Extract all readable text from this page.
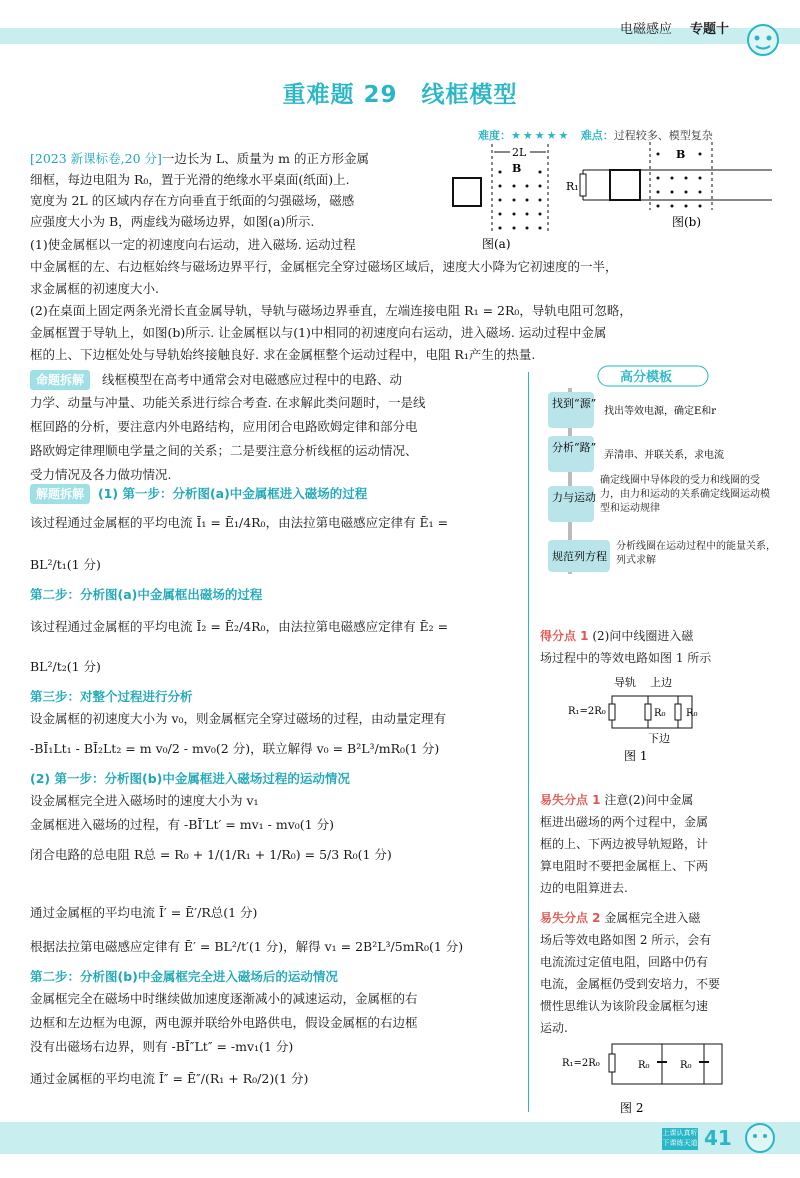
电磁感应 专题十
重难题 29　线框模型
难度：★★★★★ 难点：过程较多、模型复杂
[2023 新课标卷,20 分]一边长为 L、质量为 m 的正方形金属
细框，每边电阻为 R₀，置于光滑的绝缘水平桌面(纸面)上.
宽度为 2L 的区域内存在方向垂直于纸面的匀强磁场，磁感
应强度大小为 B，两虚线为磁场边界，如图(a)所示.
(1)使金属框以一定的初速度向右运动，进入磁场. 运动过程
中金属框的左、右边框始终与磁场边界平行，金属框完全穿过磁场区域后，速度大小降为它初速度的一半，
求金属框的初速度大小.
(2)在桌面上固定两条光滑长直金属导轨，导轨与磁场边界垂直，左端连接电阻 R₁ = 2R₀，导轨电阻可忽略，
金属框置于导轨上，如图(b)所示. 让金属框以与(1)中相同的初速度向右运动，进入磁场. 运动过程中金属
框的上、下边框处处与导轨始终接触良好. 求在金属框整个运动过程中，电阻 R₁产生的热量.
2L
B
图(a)
R₁
B
图(b)
命题拆解 线框模型在高考中通常会对电磁感应过程中的电路、动
力学、动量与冲量、功能关系进行综合考查. 在求解此类问题时，一是线
框回路的分析，要注意内外电路结构，应用闭合电路欧姆定律和部分电
路欧姆定律理顺电学量之间的关系；二是要注意分析线框的运动情况、
受力情况及各力做功情况.
解题拆解 (1) 第一步：分析图(a)中金属框进入磁场的过程
该过程通过金属框的平均电流 Ī₁ = Ē₁/4R₀，由法拉第电磁感应定律有 Ē₁ =
BL²/t₁(1 分)
第二步：分析图(a)中金属框出磁场的过程
该过程通过金属框的平均电流 Ī₂ = Ē₂/4R₀，由法拉第电磁感应定律有 Ē₂ =
BL²/t₂(1 分)
第三步：对整个过程进行分析
设金属框的初速度大小为 v₀，则金属框完全穿过磁场的过程，由动量定理有
-BĪ₁Lt₁ - BĪ₂Lt₂ = m v₀/2 - mv₀(2 分)，联立解得 v₀ = B²L³/mR₀(1 分)
(2) 第一步：分析图(b)中金属框进入磁场过程的运动情况
设金属框完全进入磁场时的速度大小为 v₁
金属框进入磁场的过程，有 -BĪ′Lt′ = mv₁ - mv₀(1 分)
闭合电路的总电阻 R总 = R₀ + 1/(1/R₁ + 1/R₀) = 5/3 R₀(1 分)
通过金属框的平均电流 Ī′ = Ē′/R总(1 分)
根据法拉第电磁感应定律有 Ē′ = BL²/t′(1 分)，解得 v₁ = 2B²L³/5mR₀(1 分)
第二步：分析图(b)中金属框完全进入磁场后的运动情况
金属框完全在磁场中时继续做加速度逐渐减小的减速运动，金属框的右
边框和左边框为电源，两电源并联给外电路供电，假设金属框的右边框
没有出磁场右边界，则有 -BĪ″Lt″ = -mv₁(1 分)
通过金属框的平均电流 Ī″ = Ē″/(R₁ + R₀/2)(1 分)
高分模板
找到“源”
找出等效电源，确定E和r
分析“路”
弄清串、并联关系，求电流
力与运动
确定线圈中导体段的受力和线圈的受力，由力和运动的关系确定线圈运动模型和运动规律
规范列方程
分析线圈在运动过程中的能量关系，列式求解
得分点 1 (2)问中线圈进入磁
场过程中的等效电路如图 1 所示
导轨 上边
R₁=2R₀	R₀ R₀
下边
图 1
易失分点 1 注意(2)问中金属
框进出磁场的两个过程中，金属
框的上、下两边被导轨短路，计
算电阻时不要把金属框上、下两
边的电阻算进去.
易失分点 2 金属框完全进入磁
场后等效电路如图 2 所示，会有
电流流过定值电阻，回路中仍有
电流，金属框仍受到安培力，不要
惯性思维认为该阶段金属框匀速
运动.
R₁=2R₀	R₀	R₀
图 2
上课认真听
下课练天道 41
